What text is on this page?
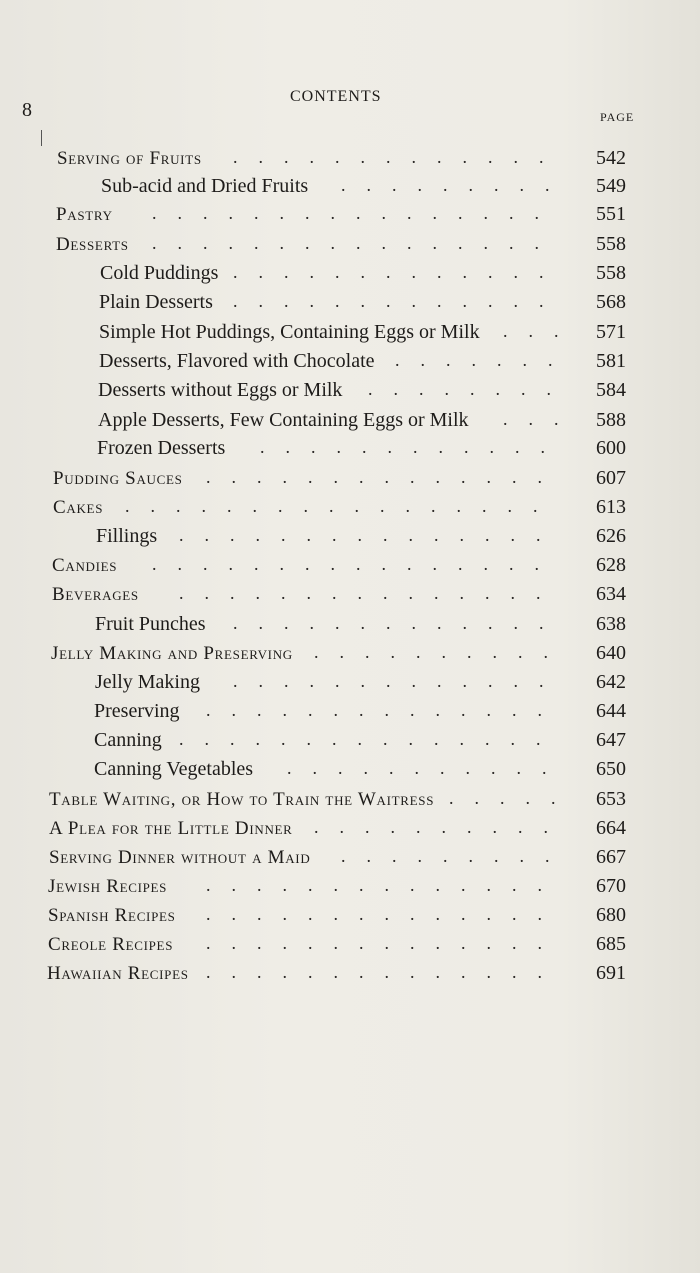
8
CONTENTS
PAGE
Serving of Fruits ............. 542
Sub-acid and Dried Fruits ......... 549
Pastry ................ 551
Desserts ................ 558
Cold Puddings ............. 558
Plain Desserts ............. 568
Simple Hot Puddings, Containing Eggs or Milk ... 571
Desserts, Flavored with Chocolate ....... 581
Desserts without Eggs or Milk ........ 584
Apple Desserts, Few Containing Eggs or Milk ... 588
Frozen Desserts ............ 600
Pudding Sauces .............. 607
Cakes ................. 613
Fillings ............... 626
Candies ................ 628
Beverages ............... 634
Fruit Punches ............. 638
Jelly Making and Preserving .......... 640
Jelly Making ............. 642
Preserving .............. 644
Canning ............... 647
Canning Vegetables ........... 650
Table Waiting, or How to Train the Waitress ..... 653
A Plea for the Little Dinner .......... 664
Serving Dinner without a Maid ......... 667
Jewish Recipes .............. 670
Spanish Recipes .............. 680
Creole Recipes .............. 685
Hawaiian Recipes .............. 691
